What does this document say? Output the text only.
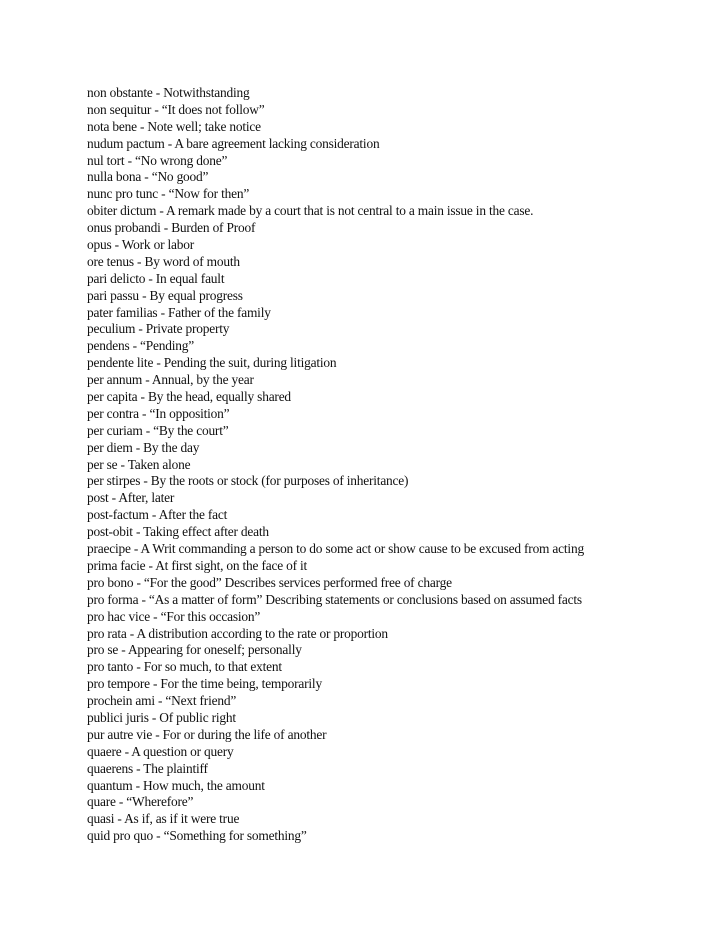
non obstante - Notwithstanding
non sequitur - “It does not follow”
nota bene - Note well; take notice
nudum pactum - A bare agreement lacking consideration
nul tort - “No wrong done”
nulla bona - “No good”
nunc pro tunc - “Now for then”
obiter dictum - A remark made by a court that is not central to a main issue in the case.
onus probandi - Burden of Proof
opus - Work or labor
ore tenus - By word of mouth
pari delicto - In equal fault
pari passu - By equal progress
pater familias - Father of the family
peculium - Private property
pendens - “Pending”
pendente lite - Pending the suit, during litigation
per annum - Annual, by the year
per capita - By the head, equally shared
per contra - “In opposition”
per curiam - “By the court”
per diem - By the day
per se - Taken alone
per stirpes - By the roots or stock (for purposes of inheritance)
post - After, later
post-factum - After the fact
post-obit - Taking effect after death
praecipe - A Writ commanding a person to do some act or show cause to be excused from acting
prima facie - At first sight, on the face of it
pro bono - “For the good” Describes services performed free of charge
pro forma - “As a matter of form” Describing statements or conclusions based on assumed facts
pro hac vice - “For this occasion”
pro rata - A distribution according to the rate or proportion
pro se - Appearing for oneself; personally
pro tanto - For so much, to that extent
pro tempore - For the time being, temporarily
prochein ami - “Next friend”
publici juris - Of public right
pur autre vie - For or during the life of another
quaere - A question or query
quaerens - The plaintiff
quantum - How much, the amount
quare - “Wherefore”
quasi - As if, as if it were true
quid pro quo - “Something for something”
